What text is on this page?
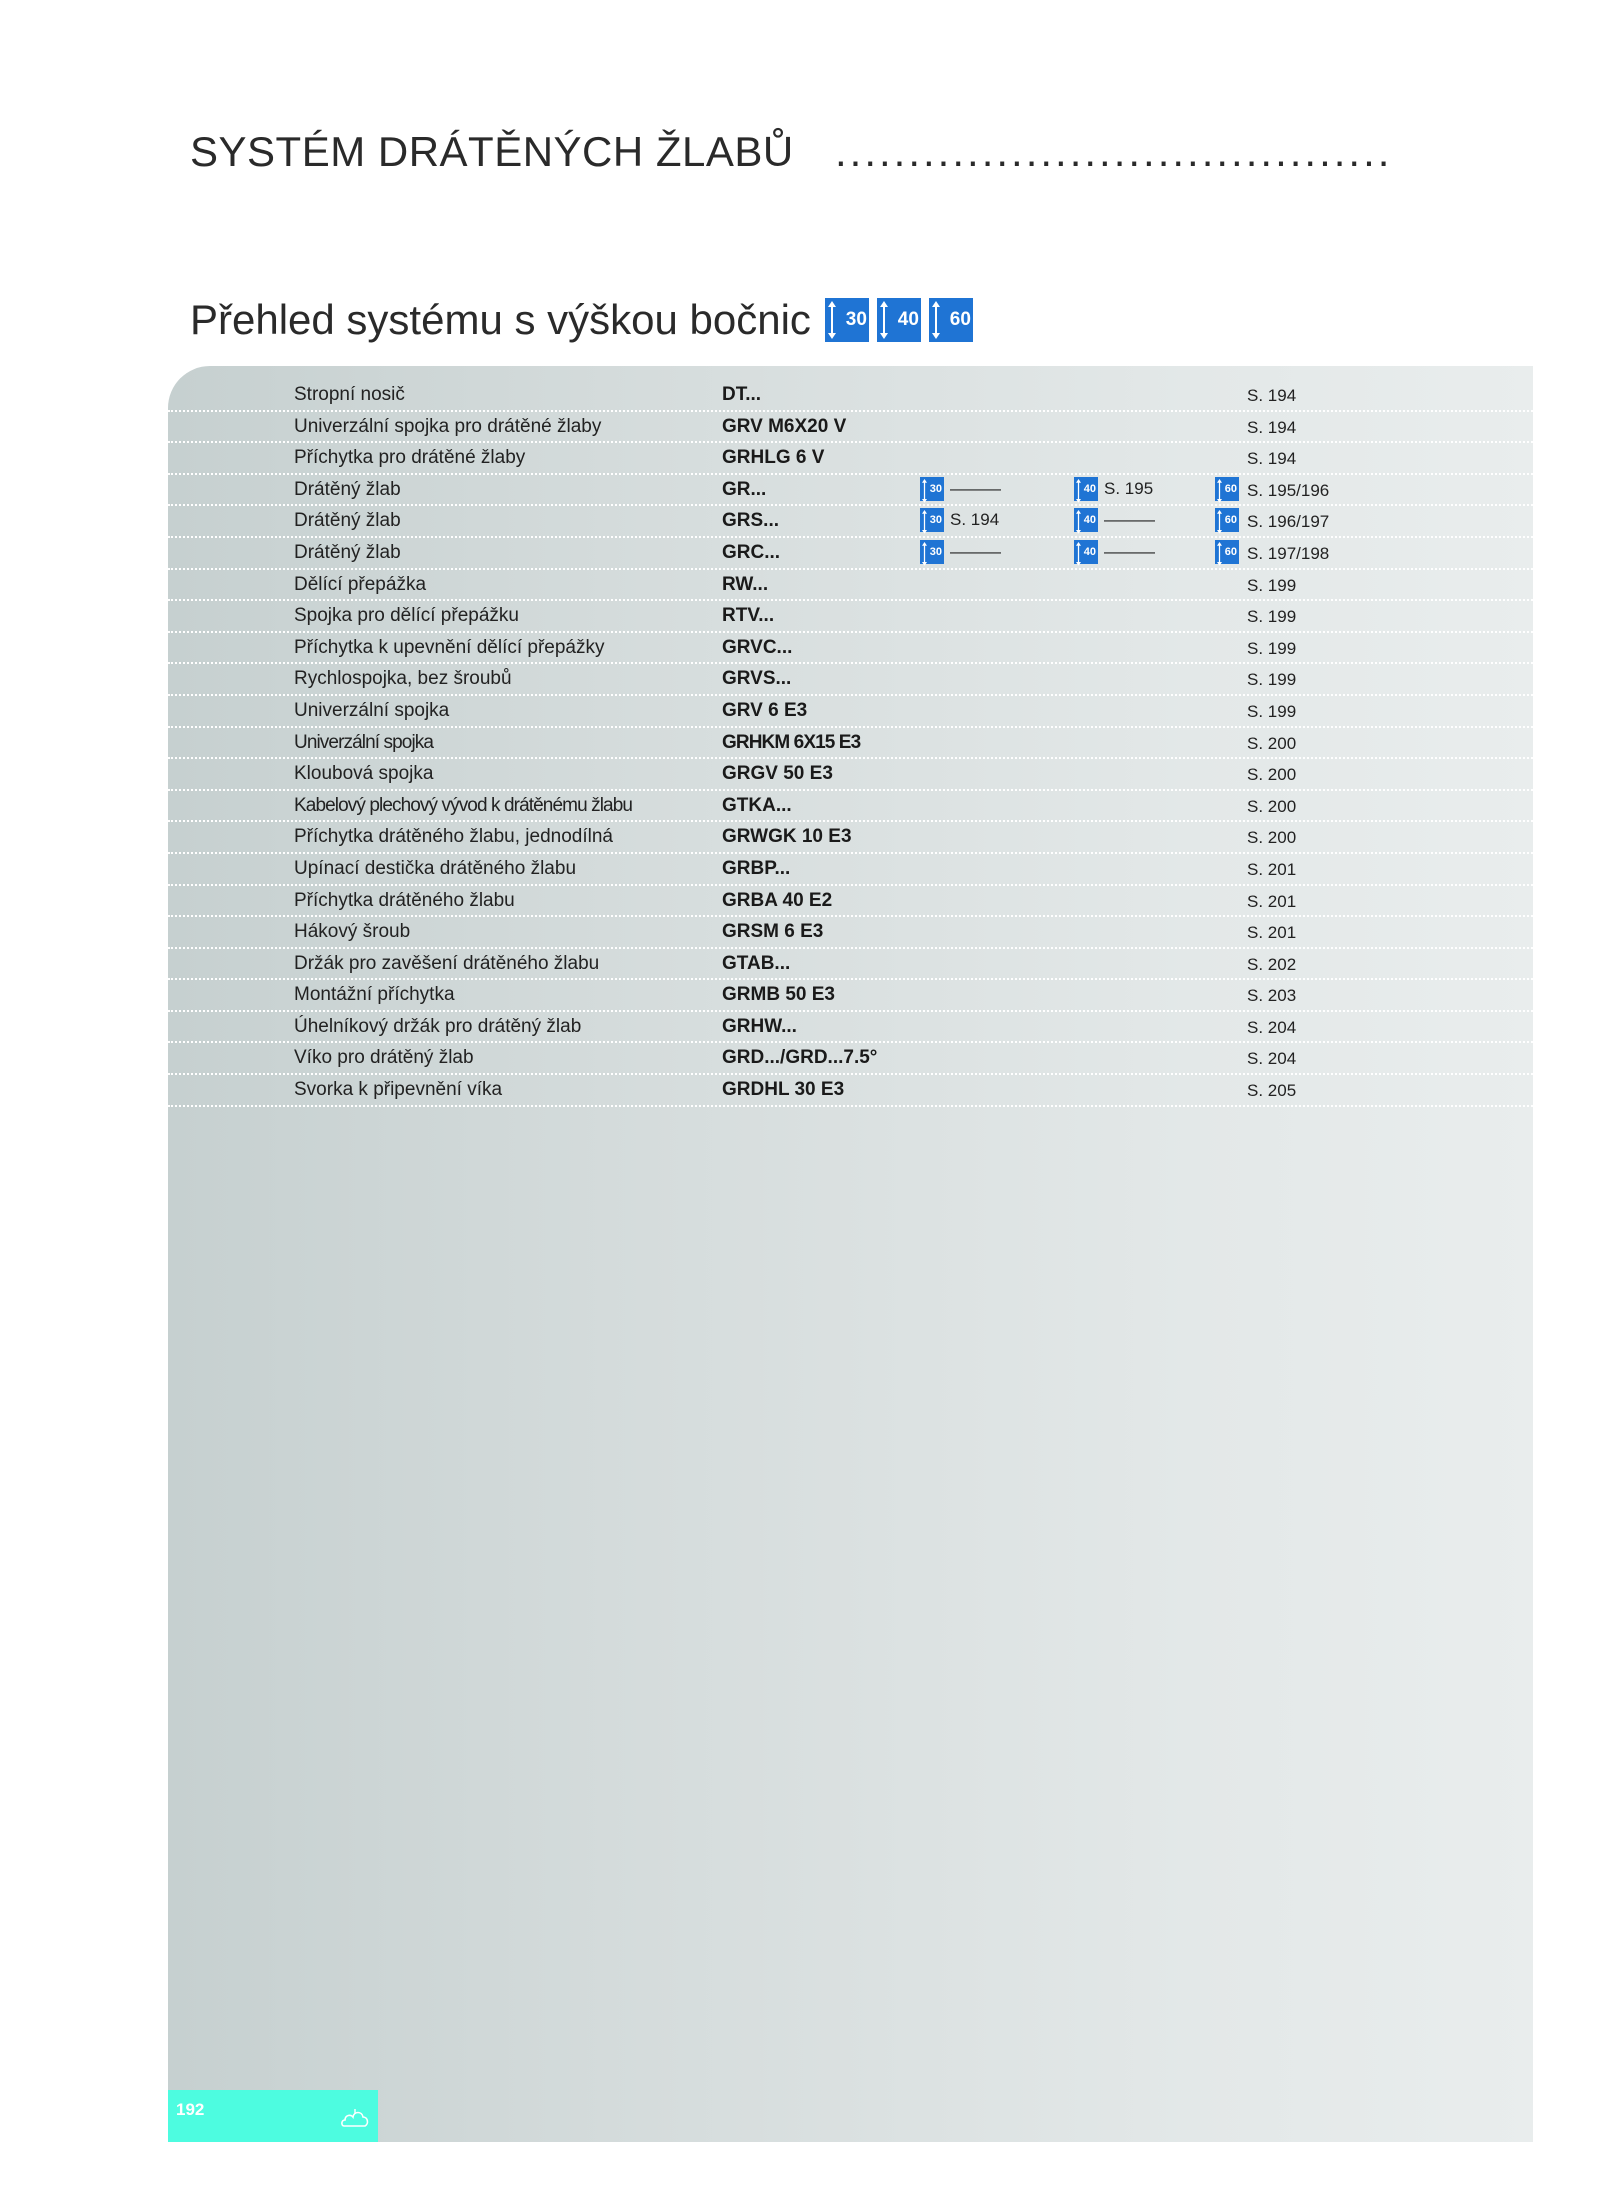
SYSTÉM DRÁTĚNÝCH ŽLABŮ ......................................
Přehled systému s výškou bočnic 30 40 60
Stropní nosič	DT...	S. 194
Univerzální spojka pro drátěné žlaby	GRV M6X20 V	S. 194
Příchytka pro drátěné žlaby	GRHLG 6 V	S. 194
Drátěný žlab	GR...	30 ———	40 S. 195	60 S. 195/196
Drátěný žlab	GRS...	30 S. 194	40 ———	60 S. 196/197
Drátěný žlab	GRC...	30 ———	40 ———	60 S. 197/198
Dělící přepážka	RW...	S. 199
Spojka pro dělící přepážku	RTV...	S. 199
Příchytka k upevnění dělící přepážky	GRVC...	S. 199
Rychlospojka, bez šroubů	GRVS...	S. 199
Univerzální spojka	GRV 6 E3	S. 199
Univerzální spojka	GRHKM 6X15 E3	S. 200
Kloubová spojka	GRGV 50 E3	S. 200
Kabelový plechový vývod k drátěnému žlabu	GTKA...	S. 200
Příchytka drátěného žlabu, jednodílná	GRWGK 10 E3	S. 200
Upínací destička drátěného žlabu	GRBP...	S. 201
Příchytka drátěného žlabu	GRBA 40 E2	S. 201
Hákový šroub	GRSM 6 E3	S. 201
Držák pro zavěšení drátěného žlabu	GTAB...	S. 202
Montážní příchytka	GRMB 50 E3	S. 203
Úhelníkový držák pro drátěný žlab	GRHW...	S. 204
Víko pro drátěný žlab	GRD.../GRD...7.5°	S. 204
Svorka k připevnění víka	GRDHL 30 E3	S. 205
192
